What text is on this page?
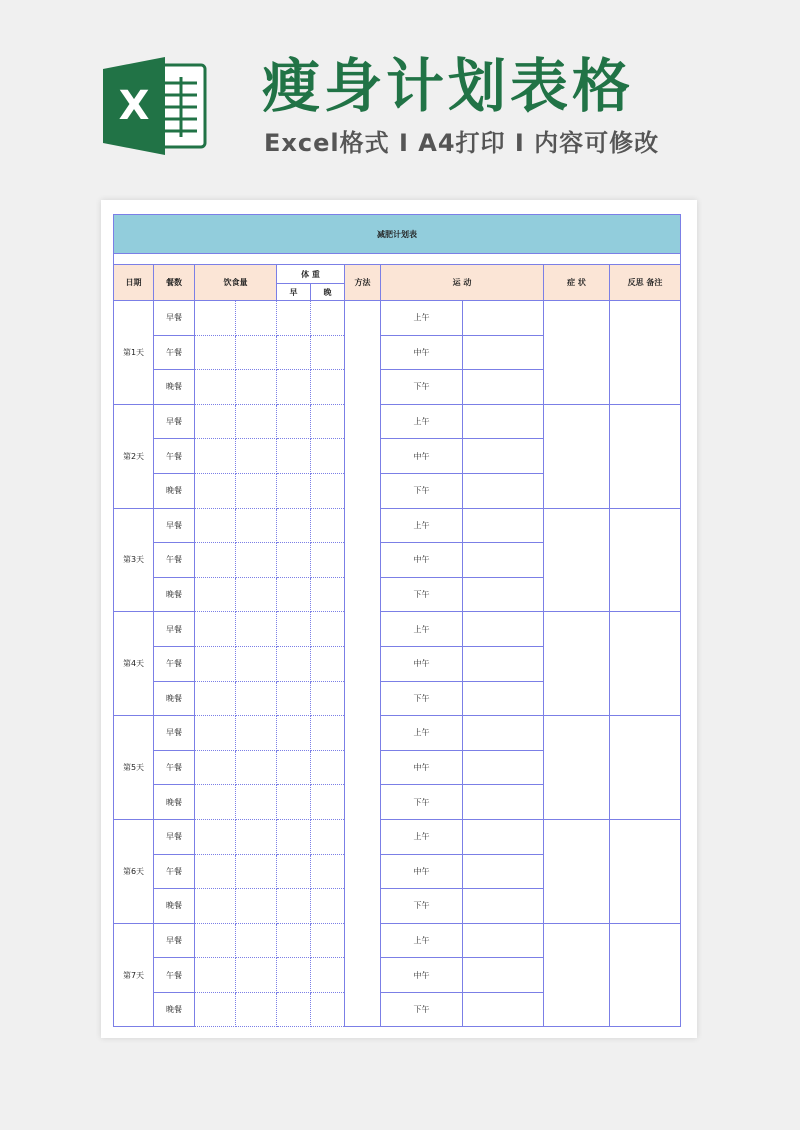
X 瘦身计划表格
Excel格式 I A4打印 I 内容可修改
减肥计划表										

日期	餐数	饮食量		体 重		方法	运 动		症 状	反思 备注
				早	晚					
第1天	早餐						上午			
	午餐						中午			
	晚餐						下午			
第2天	早餐						上午			
	午餐						中午			
	晚餐						下午			
第3天	早餐						上午			
	午餐						中午			
	晚餐						下午			
第4天	早餐						上午			
	午餐						中午			
	晚餐						下午			
第5天	早餐						上午			
	午餐						中午			
	晚餐						下午			
第6天	早餐						上午			
	午餐						中午			
	晚餐						下午			
第7天	早餐						上午			
	午餐						中午			
	晚餐						下午			
